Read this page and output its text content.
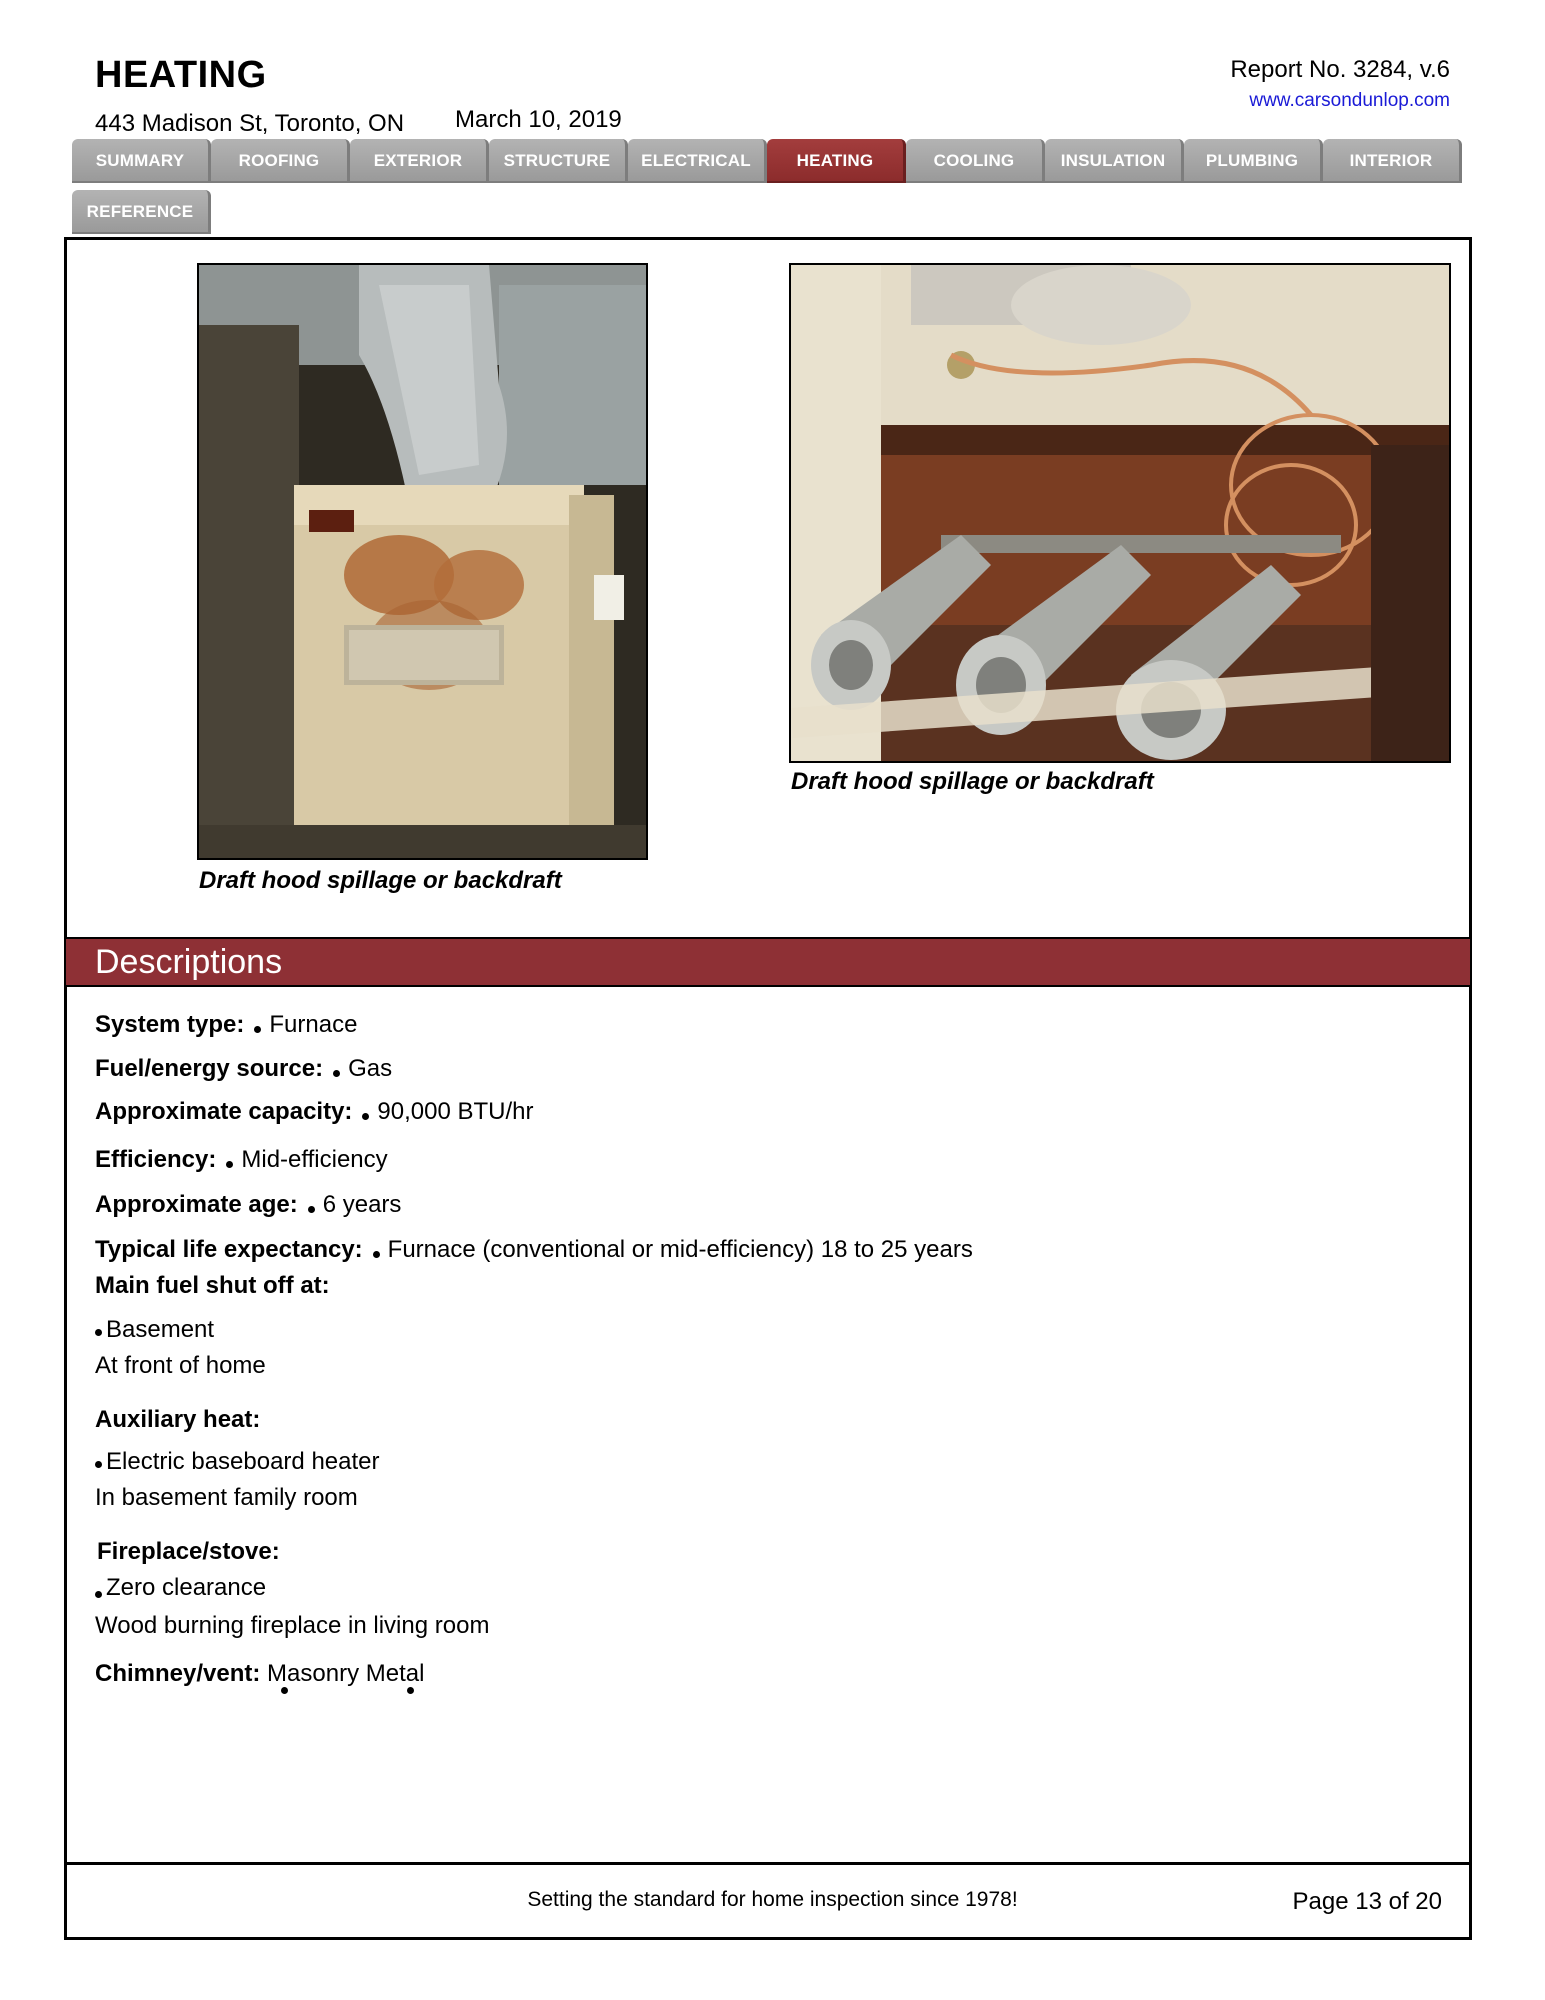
HEATING
443 Madison St, Toronto, ON March 10, 2019
Report No. 3284, v.6
www.carsondunlop.com
SUMMARY	ROOFING	EXTERIOR	STRUCTURE	ELECTRICAL	HEATING	COOLING	INSULATION	PLUMBING	INTERIOR
REFERENCE
Draft hood spillage or backdraft
Draft hood spillage or backdraft
Descriptions
System type: Furnace
Fuel/energy source: Gas
Approximate capacity: 90,000 BTU/hr
Efficiency: Mid-efficiency
Approximate age: 6 years
Typical life expectancy: Furnace (conventional or mid-efficiency) 18 to 25 years
Main fuel shut off at:
Basement
At front of home
Auxiliary heat:
Electric baseboard heater
In basement family room
Fireplace/stove:
Zero clearance
Wood burning fireplace in living room
Chimney/vent: Masonry Metal
Setting the standard for home inspection since 1978!	Page 13 of 20
